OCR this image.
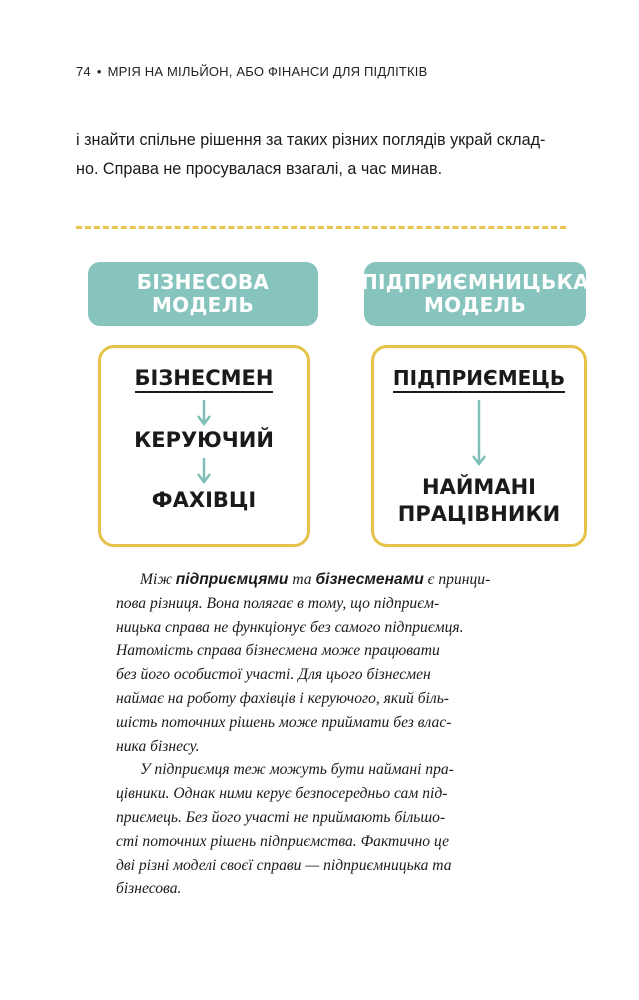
74 • МРІЯ НА МІЛЬЙОН, АБО ФІНАНСИ ДЛЯ ПІДЛІТКІВ

і знайти спільне рішення за таких різних поглядів украй склад-

но. Справа не просувалася взагалі, а час минав.

БІЗНЕСОВА
МОДЕЛЬ
БІЗНЕСМЕН
КЕРУЮЧИЙ
ФАХІВЦІ
ПІДПРИЄМНИЦЬКА
МОДЕЛЬ
ПІДПРИЄМЕЦЬ
НАЙМАНІ
ПРАЦІВНИКИ
Між підприємцями та бізнесменами є принци-
пова різниця. Вона полягає в тому, що підприєм-
ницька справа не функціонує без самого підприємця.
Натомість справа бізнесмена може працювати
без його особистої участі. Для цього бізнесмен
наймає на роботу фахівців і керуючого, який біль-
шість поточних рішень може приймати без влас-
ника бізнесу.
У підприємця теж можуть бути наймані пра-
цівники. Однак ними керує безпосередньо сам під-
приємець. Без його участі не приймають більшо-
сті поточних рішень підприємства. Фактично це
дві різні моделі своєї справи — підприємницька та
бізнесова.
